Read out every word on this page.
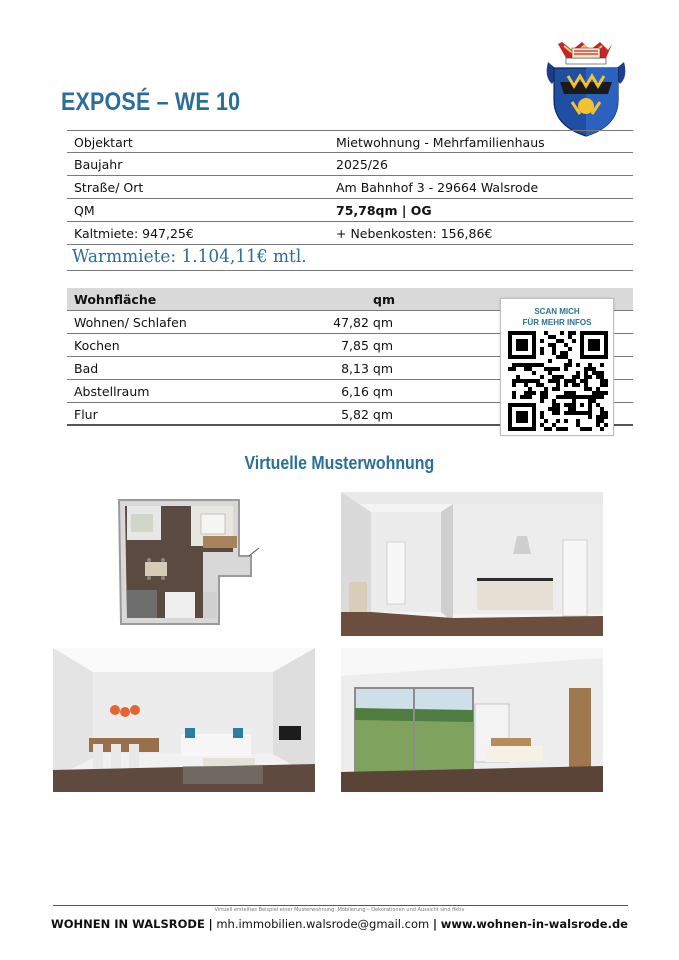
EXPOSÉ – WE 10
Objektart	Mietwohnung - Mehrfamilienhaus
Baujahr	2025/26
Straße/ Ort	Am Bahnhof 3 - 29664 Walsrode
QM	75,78qm | OG
Kaltmiete: 947,25€	+ Nebenkosten: 156,86€
Warmmiete: 1.104,11€ mtl.
Wohnfläche	qm
Wohnen/ Schlafen	47,82 qm
Kochen	7,85 qm
Bad	8,13 qm
Abstellraum	6,16 qm
Flur	5,82 qm
SCAN MICH
FÜR MEHR INFOS
Virtuelle Musterwohnung
Virtuell erstelltes Beispiel einer Musterwohnung: Möblierung – Dekorationen und Aussicht sind fiktiv
WOHNEN IN WALSRODE | mh.immobilien.walsrode@gmail.com | www.wohnen-in-walsrode.de
